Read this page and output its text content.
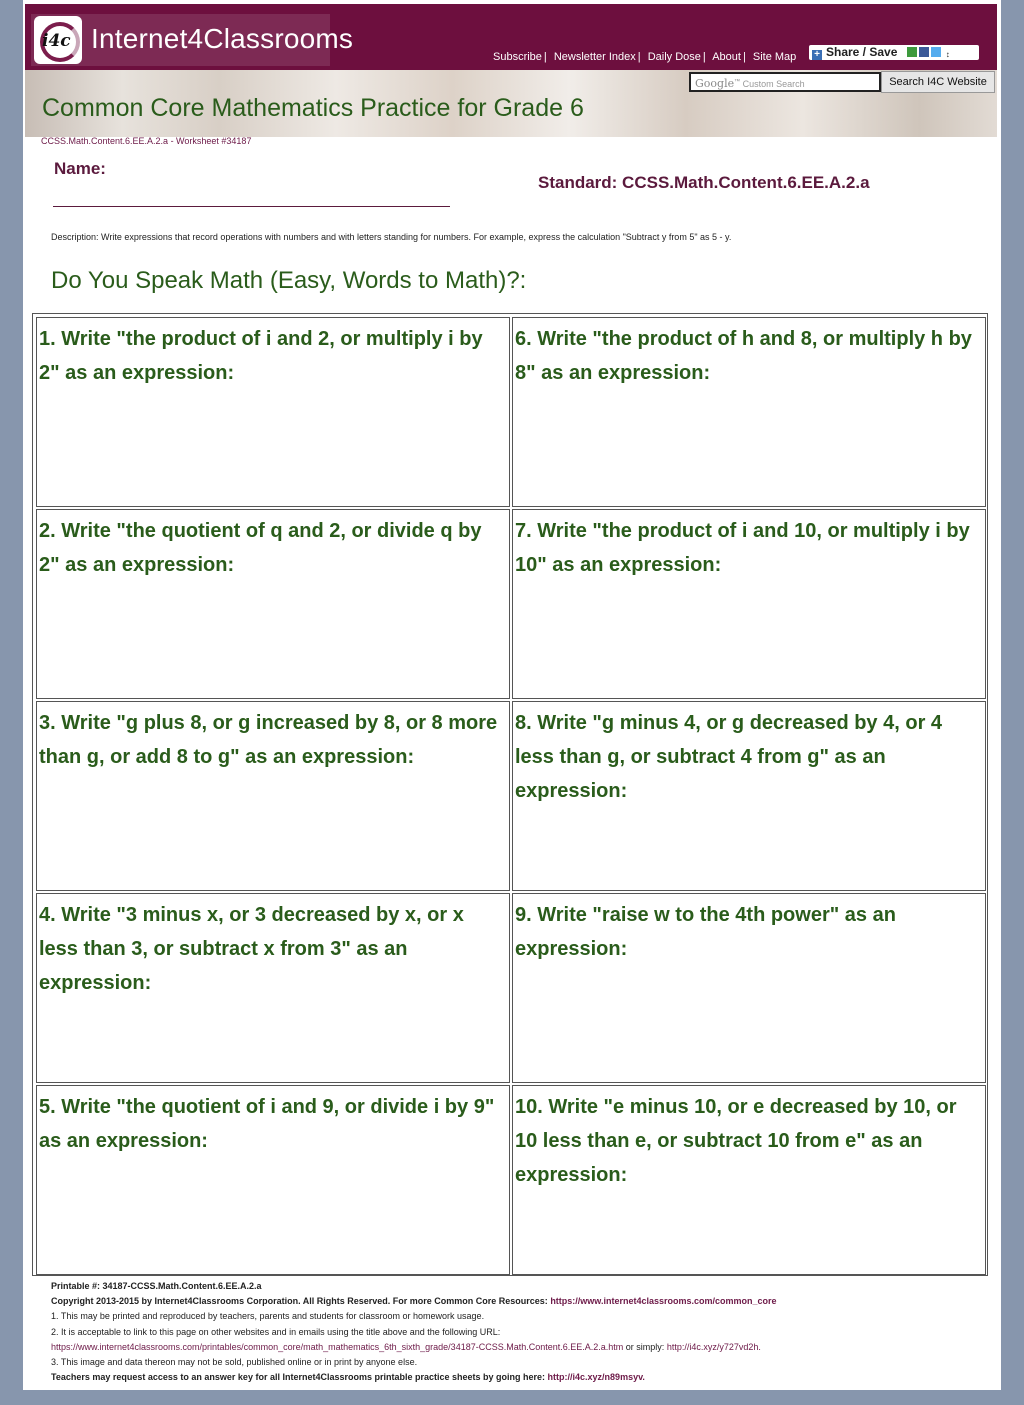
i4c Internet4Classrooms
Subscribe | Newsletter Index | Daily Dose | About | Site Map	+ Share / Save	↕
Google™ Custom Search	Search I4C Website
Common Core Mathematics Practice for Grade 6
CCSS.Math.Content.6.EE.A.2.a - Worksheet #34187
Name:
Standard: CCSS.Math.Content.6.EE.A.2.a
Description: Write expressions that record operations with numbers and with letters standing for numbers. For example, express the calculation "Subtract y from 5" as 5 - y.
Do You Speak Math (Easy, Words to Math)?:
1. Write "the product of i and 2, or multiply i by 2" as an expression:
2. Write "the quotient of q and 2, or divide q by 2" as an expression:
3. Write "g plus 8, or g increased by 8, or 8 more than g, or add 8 to g" as an expression:
4. Write "3 minus x, or 3 decreased by x, or x less than 3, or subtract x from 3" as an expression:
5. Write "the quotient of i and 9, or divide i by 9" as an expression:
6. Write "the product of h and 8, or multiply h by 8" as an expression:
7. Write "the product of i and 10, or multiply i by 10" as an expression:
8. Write "g minus 4, or g decreased by 4, or 4 less than g, or subtract 4 from g" as an expression:
9. Write "raise w to the 4th power" as an expression:
10. Write "e minus 10, or e decreased by 10, or 10 less than e, or subtract 10 from e" as an expression:
Printable #: 34187-CCSS.Math.Content.6.EE.A.2.a
Copyright 2013-2015 by Internet4Classrooms Corporation. All Rights Reserved. For more Common Core Resources: https://www.internet4classrooms.com/common_core
1. This may be printed and reproduced by teachers, parents and students for classroom or homework usage.
2. It is acceptable to link to this page on other websites and in emails using the title above and the following URL:
https://www.internet4classrooms.com/printables/common_core/math_mathematics_6th_sixth_grade/34187-CCSS.Math.Content.6.EE.A.2.a.htm or simply: http://i4c.xyz/y727vd2h.
3. This image and data thereon may not be sold, published online or in print by anyone else.
Teachers may request access to an answer key for all Internet4Classrooms printable practice sheets by going here: http://i4c.xyz/n89msyv.
